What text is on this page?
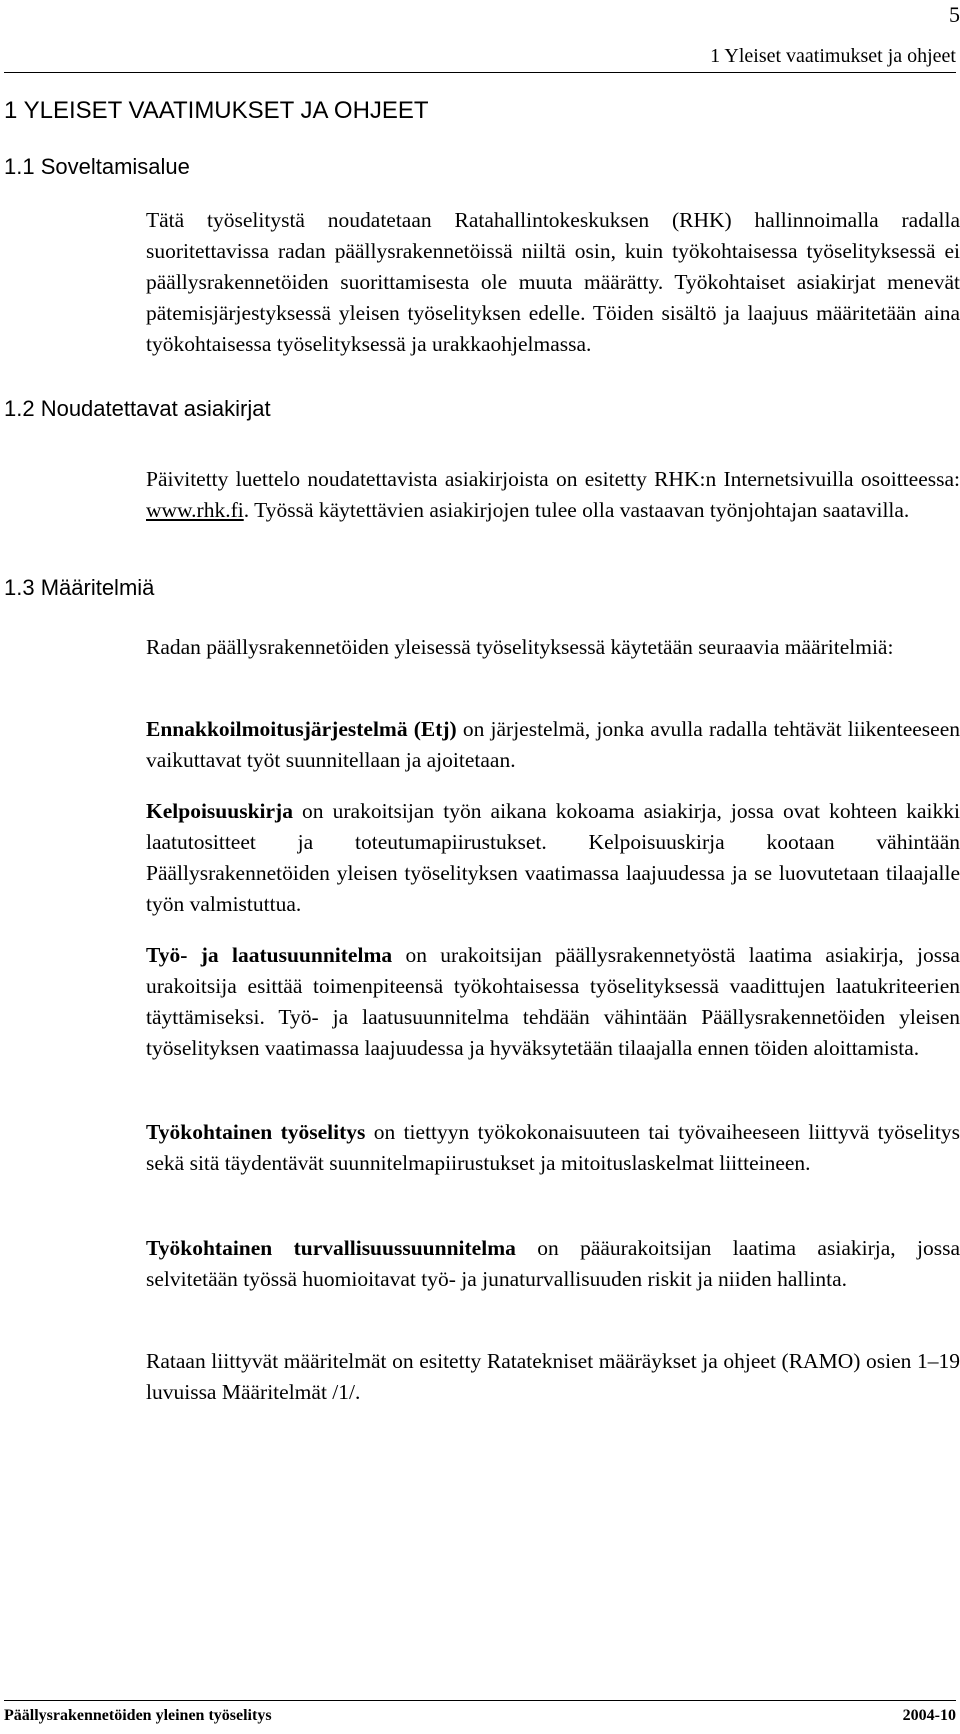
5
1 Yleiset vaatimukset ja ohjeet
1 YLEISET VAATIMUKSET JA OHJEET
1.1 Soveltamisalue

Tätä työselitystä noudatetaan Ratahallintokeskuksen (RHK) hallinnoimalla radalla suoritettavissa radan päällysrakennetöissä niiltä osin, kuin työkohtaisessa työselityksessä ei päällysrakennetöiden suorittamisesta ole muuta määrätty. Työkohtaiset asiakirjat menevät pätemisjärjestyksessä yleisen työselityksen edelle. Töiden sisältö ja laajuus määritetään aina työkohtaisessa työselityksessä ja urakkaohjelmassa.

1.2 Noudatettavat asiakirjat

Päivitetty luettelo noudatettavista asiakirjoista on esitetty RHK:n Internetsivuilla osoitteessa: www.rhk.fi. Työssä käytettävien asiakirjojen tulee olla vastaavan työnjohtajan saatavilla.

1.3 Määritelmiä

Radan päällysrakennetöiden yleisessä työselityksessä käytetään seuraavia määritelmiä:

Ennakkoilmoitusjärjestelmä (Etj) on järjestelmä, jonka avulla radalla tehtävät liikenteeseen vaikuttavat työt suunnitellaan ja ajoitetaan.

Kelpoisuuskirja on urakoitsijan työn aikana kokoama asiakirja, jossa ovat kohteen kaikki laatutositteet ja toteutumapiirustukset. Kelpoisuuskirja kootaan vähintään Päällysrakennetöiden yleisen työselityksen vaatimassa laajuudessa ja se luovutetaan tilaajalle työn valmistuttua.

Työ- ja laatusuunnitelma on urakoitsijan päällysrakennetyöstä laatima asiakirja, jossa urakoitsija esittää toimenpiteensä työkohtaisessa työselityksessä vaadittujen laatukriteerien täyttämiseksi. Työ- ja laatusuunnitelma tehdään vähintään Päällysrakennetöiden yleisen työselityksen vaatimassa laajuudessa ja hyväksytetään tilaajalla ennen töiden aloittamista.

Työkohtainen työselitys on tiettyyn työkokonaisuuteen tai työvaiheeseen liittyvä työselitys sekä sitä täydentävät suunnitelmapiirustukset ja mitoituslaskelmat liitteineen.

Työkohtainen turvallisuussuunnitelma on pääurakoitsijan laatima asiakirja, jossa selvitetään työssä huomioitavat työ- ja junaturvallisuuden riskit ja niiden hallinta.

Rataan liittyvät määritelmät on esitetty Ratatekniset määräykset ja ohjeet (RAMO) osien 1–19 luvuissa Määritelmät /1/.

Päällysrakennetöiden yleinen työselitys	2004-10
